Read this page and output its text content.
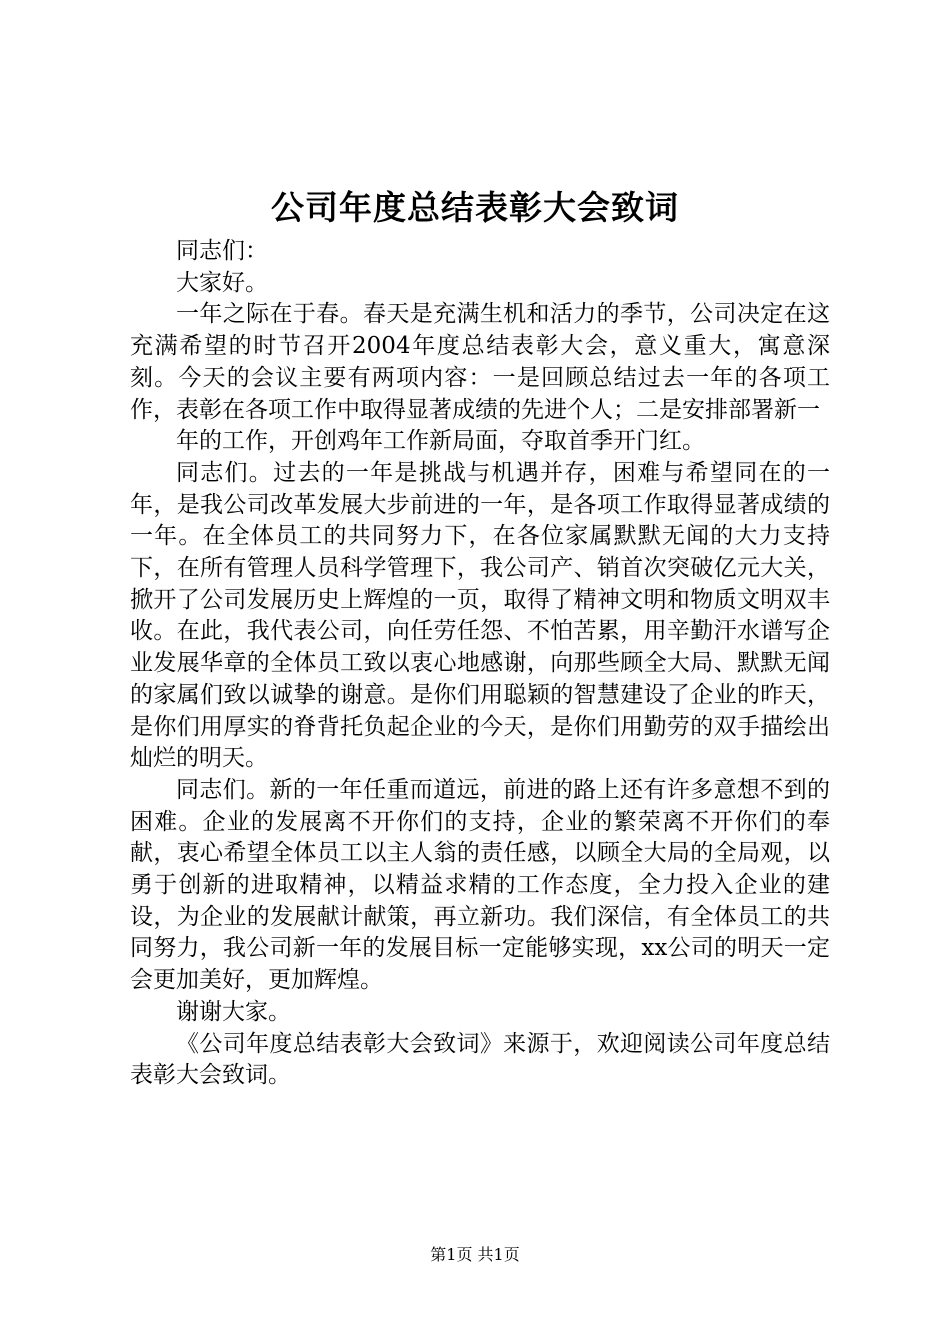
公司年度总结表彰大会致词

同志们：

大家好。

一年之际在于春。春天是充满生机和活力的季节，公司决定在这充满希望的时节召开2004年度总结表彰大会，意义重大，寓意深刻。今天的会议主要有两项内容：一是回顾总结过去一年的各项工作，表彰在各项工作中取得显著成绩的先进个人；二是安排部署新一

年的工作，开创鸡年工作新局面，夺取首季开门红。

同志们。过去的一年是挑战与机遇并存，困难与希望同在的一年，是我公司改革发展大步前进的一年，是各项工作取得显著成绩的一年。在全体员工的共同努力下，在各位家属默默无闻的大力支持下，在所有管理人员科学管理下，我公司产、销首次突破亿元大关，掀开了公司发展历史上辉煌的一页，取得了精神文明和物质文明双丰收。在此，我代表公司，向任劳任怨、不怕苦累，用辛勤汗水谱写企业发展华章的全体员工致以衷心地感谢，向那些顾全大局、默默无闻的家属们致以诚挚的谢意。是你们用聪颖的智慧建设了企业的昨天，是你们用厚实的脊背托负起企业的今天，是你们用勤劳的双手描绘出灿烂的明天。

同志们。新的一年任重而道远，前进的路上还有许多意想不到的困难。企业的发展离不开你们的支持，企业的繁荣离不开你们的奉献，衷心希望全体员工以主人翁的责任感，以顾全大局的全局观，以勇于创新的进取精神，以精益求精的工作态度，全力投入企业的建设，为企业的发展献计献策，再立新功。我们深信，有全体员工的共同努力，我公司新一年的发展目标一定能够实现，xx公司的明天一定会更加美好，更加辉煌。

谢谢大家。

《公司年度总结表彰大会致词》来源于，欢迎阅读公司年度总结表彰大会致词。

第1页 共1页
